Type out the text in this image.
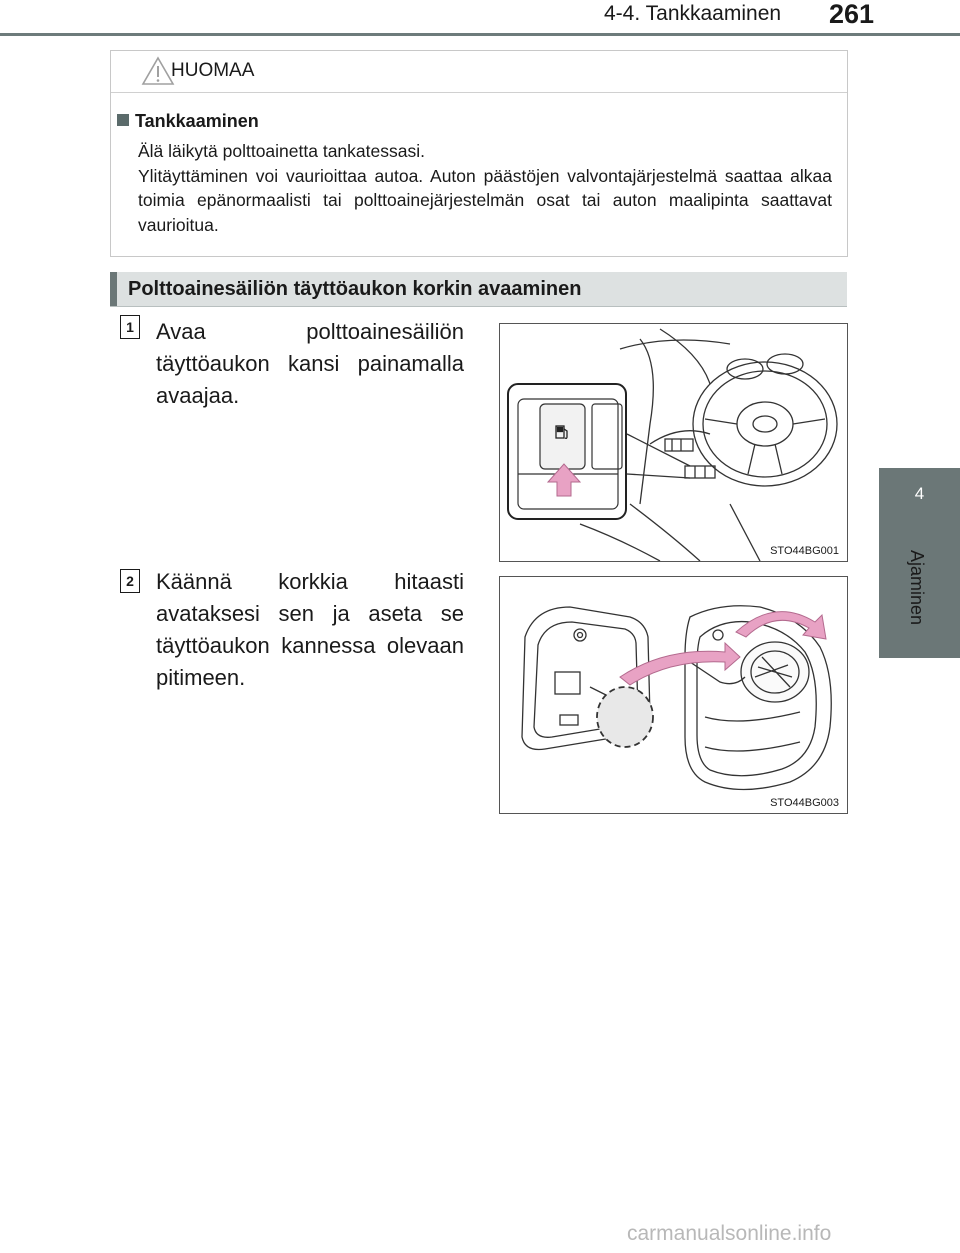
4-4. Tankkaaminen 261
4
Ajaminen
HUOMAA
Tankkaaminen

Älä läikytä polttoainetta tankatessasi.

Ylitäyttäminen voi vaurioittaa autoa. Auton päästöjen valvontajärjestelmä saattaa alkaa toimia epänormaalisti tai polttoainejärjestelmän osat tai auton maalipinta saattavat vaurioitua.

Polttoainesäiliön täyttöaukon korkin avaaminen
1 Avaa polttoainesäiliön täyttöaukon kansi painamalla avaajaa.
STO44BG001
2 Käännä korkkia hitaasti avataksesi sen ja aseta se täyttöaukon kannessa olevaan pitimeen.
STO44BG003
carmanualsonline.info
